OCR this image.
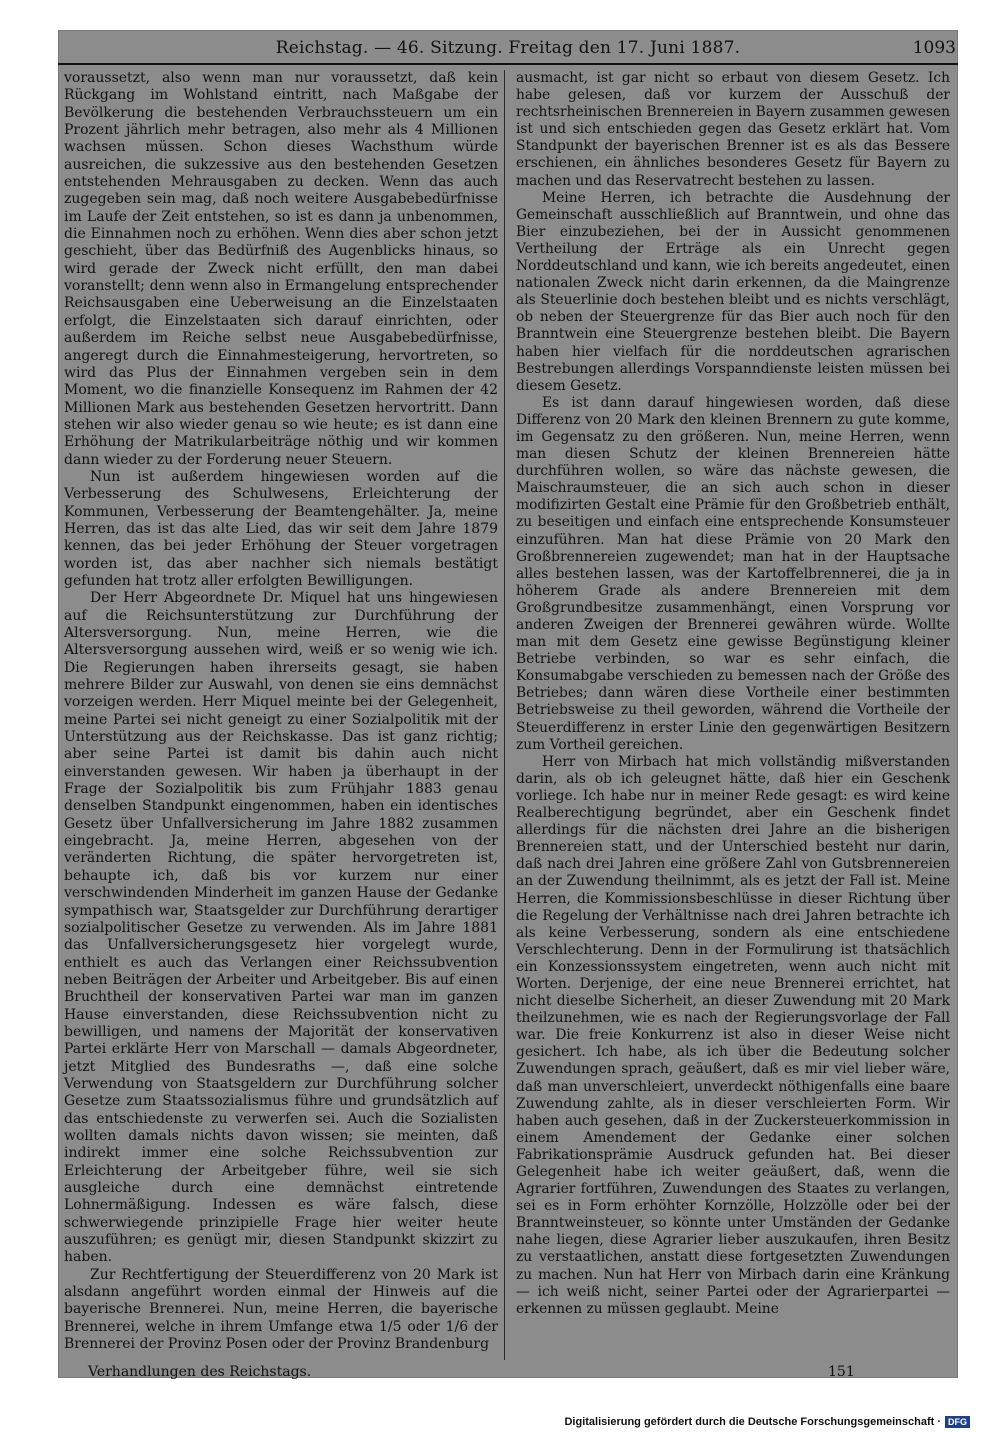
Reichstag. — 46. Sitzung. Freitag den 17. Juni 1887.	1093

voraussetzt, also wenn man nur voraussetzt, daß kein Rückgang im Wohlstand eintritt, nach Maßgabe der Bevölkerung die bestehenden Verbrauchssteuern um ein Prozent jährlich mehr betragen, also mehr als 4 Millionen wachsen müssen. Schon dieses Wachsthum würde ausreichen, die sukzessive aus den bestehenden Gesetzen entstehenden Mehrausgaben zu decken. Wenn das auch zugegeben sein mag, daß noch weitere Ausgabebedürfnisse im Laufe der Zeit entstehen, so ist es dann ja unbenommen, die Einnahmen noch zu erhöhen. Wenn dies aber schon jetzt geschieht, über das Bedürfniß des Augenblicks hinaus, so wird gerade der Zweck nicht erfüllt, den man dabei voranstellt; denn wenn also in Ermangelung entsprechender Reichsausgaben eine Ueberweisung an die Einzelstaaten erfolgt, die Einzelstaaten sich darauf einrichten, oder außerdem im Reiche selbst neue Ausgabebedürfnisse, angeregt durch die Einnahmesteigerung, hervortreten, so wird das Plus der Einnahmen vergeben sein in dem Moment, wo die finanzielle Konsequenz im Rahmen der 42 Millionen Mark aus bestehenden Gesetzen hervortritt. Dann stehen wir also wieder genau so wie heute; es ist dann eine Erhöhung der Matrikularbeiträge nöthig und wir kommen dann wieder zu der Forderung neuer Steuern.

Nun ist außerdem hingewiesen worden auf die Verbesserung des Schulwesens, Erleichterung der Kommunen, Verbesserung der Beamtengehälter. Ja, meine Herren, das ist das alte Lied, das wir seit dem Jahre 1879 kennen, das bei jeder Erhöhung der Steuer vorgetragen worden ist, das aber nachher sich niemals bestätigt gefunden hat trotz aller erfolgten Bewilligungen.

Der Herr Abgeordnete Dr. Miquel hat uns hingewiesen auf die Reichsunterstützung zur Durchführung der Altersversorgung. Nun, meine Herren, wie die Altersversorgung aussehen wird, weiß er so wenig wie ich. Die Regierungen haben ihrerseits gesagt, sie haben mehrere Bilder zur Auswahl, von denen sie eins demnächst vorzeigen werden. Herr Miquel meinte bei der Gelegenheit, meine Partei sei nicht geneigt zu einer Sozialpolitik mit der Unterstützung aus der Reichskasse. Das ist ganz richtig; aber seine Partei ist damit bis dahin auch nicht einverstanden gewesen. Wir haben ja überhaupt in der Frage der Sozialpolitik bis zum Frühjahr 1883 genau denselben Standpunkt eingenommen, haben ein identisches Gesetz über Unfallversicherung im Jahre 1882 zusammen eingebracht. Ja, meine Herren, abgesehen von der veränderten Richtung, die später hervorgetreten ist, behaupte ich, daß bis vor kurzem nur einer verschwindenden Minderheit im ganzen Hause der Gedanke sympathisch war, Staatsgelder zur Durchführung derartiger sozialpolitischer Gesetze zu verwenden. Als im Jahre 1881 das Unfallversicherungsgesetz hier vorgelegt wurde, enthielt es auch das Verlangen einer Reichssubvention neben Beiträgen der Arbeiter und Arbeitgeber. Bis auf einen Bruchtheil der konservativen Partei war man im ganzen Hause einverstanden, diese Reichssubvention nicht zu bewilligen, und namens der Majorität der konservativen Partei erklärte Herr von Marschall — damals Abgeordneter, jetzt Mitglied des Bundesraths —, daß eine solche Verwendung von Staatsgeldern zur Durchführung solcher Gesetze zum Staatssozialismus führe und grundsätzlich auf das entschiedenste zu verwerfen sei. Auch die Sozialisten wollten damals nichts davon wissen; sie meinten, daß indirekt immer eine solche Reichssubvention zur Erleichterung der Arbeitgeber führe, weil sie sich ausgleiche durch eine demnächst eintretende Lohnermäßigung. Indessen es wäre falsch, diese schwerwiegende prinzipielle Frage hier weiter heute auszuführen; es genügt mir, diesen Standpunkt skizzirt zu haben.

Zur Rechtfertigung der Steuerdifferenz von 20 Mark ist alsdann angeführt worden einmal der Hinweis auf die bayerische Brennerei. Nun, meine Herren, die bayerische Brennerei, welche in ihrem Umfange etwa 1/5 oder 1/6 der Brennerei der Provinz Posen oder der Provinz Brandenburg

ausmacht, ist gar nicht so erbaut von diesem Gesetz. Ich habe gelesen, daß vor kurzem der Ausschuß der rechtsrheinischen Brennereien in Bayern zusammen gewesen ist und sich entschieden gegen das Gesetz erklärt hat. Vom Standpunkt der bayerischen Brenner ist es als das Bessere erschienen, ein ähnliches besonderes Gesetz für Bayern zu machen und das Reservatrecht bestehen zu lassen.

Meine Herren, ich betrachte die Ausdehnung der Gemeinschaft ausschließlich auf Branntwein, und ohne das Bier einzubeziehen, bei der in Aussicht genommenen Vertheilung der Erträge als ein Unrecht gegen Norddeutschland und kann, wie ich bereits angedeutet, einen nationalen Zweck nicht darin erkennen, da die Maingrenze als Steuerlinie doch bestehen bleibt und es nichts verschlägt, ob neben der Steuergrenze für das Bier auch noch für den Branntwein eine Steuergrenze bestehen bleibt. Die Bayern haben hier vielfach für die norddeutschen agrarischen Bestrebungen allerdings Vorspanndienste leisten müssen bei diesem Gesetz.

Es ist dann darauf hingewiesen worden, daß diese Differenz von 20 Mark den kleinen Brennern zu gute komme, im Gegensatz zu den größeren. Nun, meine Herren, wenn man diesen Schutz der kleinen Brennereien hätte durchführen wollen, so wäre das nächste gewesen, die Maischraumsteuer, die an sich auch schon in dieser modifizirten Gestalt eine Prämie für den Großbetrieb enthält, zu beseitigen und einfach eine entsprechende Konsumsteuer einzuführen. Man hat diese Prämie von 20 Mark den Großbrennereien zugewendet; man hat in der Hauptsache alles bestehen lassen, was der Kartoffelbrennerei, die ja in höherem Grade als andere Brennereien mit dem Großgrundbesitze zusammenhängt, einen Vorsprung vor anderen Zweigen der Brennerei gewähren würde. Wollte man mit dem Gesetz eine gewisse Begünstigung kleiner Betriebe verbinden, so war es sehr einfach, die Konsumabgabe verschieden zu bemessen nach der Größe des Betriebes; dann wären diese Vortheile einer bestimmten Betriebsweise zu theil geworden, während die Vortheile der Steuerdifferenz in erster Linie den gegenwärtigen Besitzern zum Vortheil gereichen.

Herr von Mirbach hat mich vollständig mißverstanden darin, als ob ich geleugnet hätte, daß hier ein Geschenk vorliege. Ich habe nur in meiner Rede gesagt: es wird keine Realberechtigung begründet, aber ein Geschenk findet allerdings für die nächsten drei Jahre an die bisherigen Brennereien statt, und der Unterschied besteht nur darin, daß nach drei Jahren eine größere Zahl von Gutsbrennereien an der Zuwendung theilnimmt, als es jetzt der Fall ist. Meine Herren, die Kommissionsbeschlüsse in dieser Richtung über die Regelung der Verhältnisse nach drei Jahren betrachte ich als keine Verbesserung, sondern als eine entschiedene Verschlechterung. Denn in der Formulirung ist thatsächlich ein Konzessionssystem eingetreten, wenn auch nicht mit Worten. Derjenige, der eine neue Brennerei errichtet, hat nicht dieselbe Sicherheit, an dieser Zuwendung mit 20 Mark theilzunehmen, wie es nach der Regierungsvorlage der Fall war. Die freie Konkurrenz ist also in dieser Weise nicht gesichert. Ich habe, als ich über die Bedeutung solcher Zuwendungen sprach, geäußert, daß es mir viel lieber wäre, daß man unverschleiert, unverdeckt nöthigenfalls eine baare Zuwendung zahlte, als in dieser verschleierten Form. Wir haben auch gesehen, daß in der Zuckersteuerkommission in einem Amendement der Gedanke einer solchen Fabrikationsprämie Ausdruck gefunden hat. Bei dieser Gelegenheit habe ich weiter geäußert, daß, wenn die Agrarier fortführen, Zuwendungen des Staates zu verlangen, sei es in Form erhöhter Kornzölle, Holzzölle oder bei der Branntweinsteuer, so könnte unter Umständen der Gedanke nahe liegen, diese Agrarier lieber auszukaufen, ihren Besitz zu verstaatlichen, anstatt diese fortgesetzten Zuwendungen zu machen. Nun hat Herr von Mirbach darin eine Kränkung — ich weiß nicht, seiner Partei oder der Agrarierpartei — erkennen zu müssen geglaubt. Meine

Verhandlungen des Reichstags.	151
Digitalisierung gefördert durch die Deutsche Forschungsgemeinschaft · DFG
